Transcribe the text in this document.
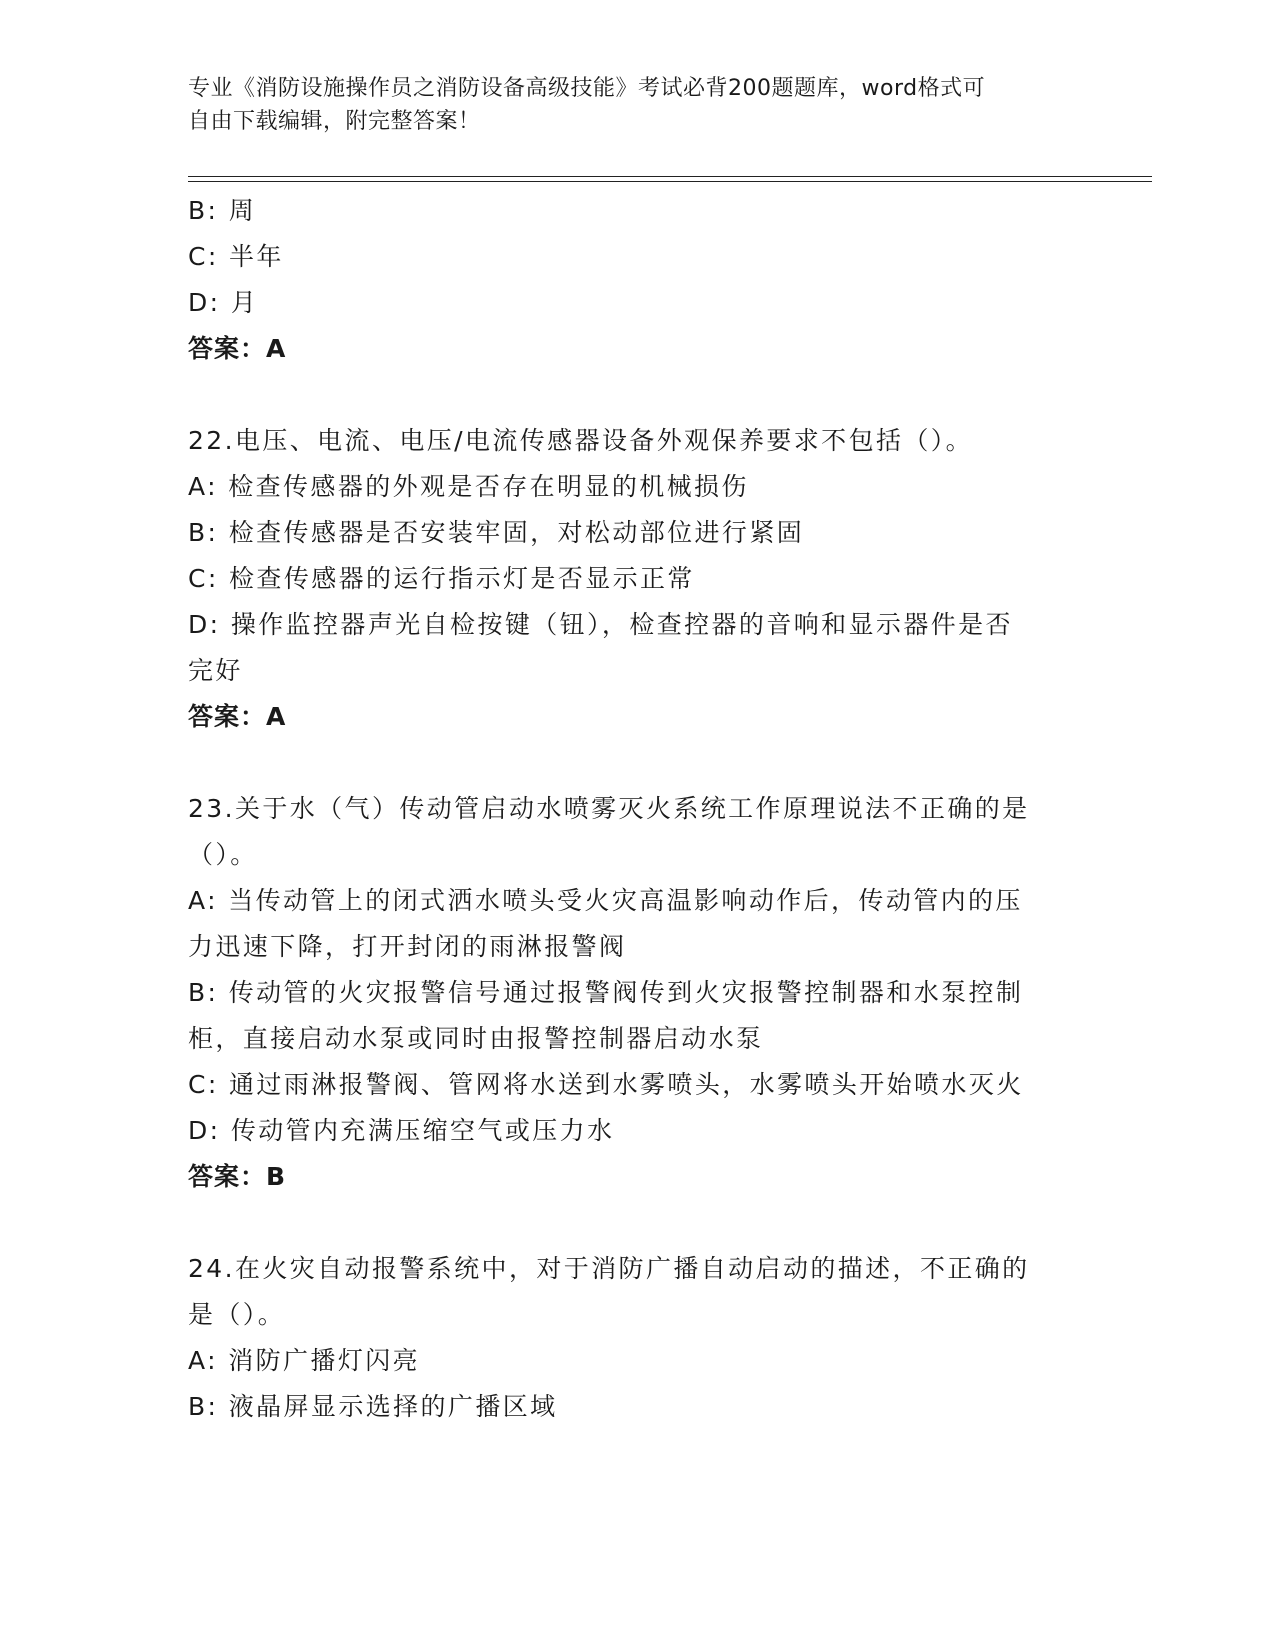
专业《消防设施操作员之消防设备高级技能》考试必背200题题库，word格式可
自由下载编辑，附完整答案！
B: 周
C: 半年
D: 月
答案：A
22.电压、电流、电压/电流传感器设备外观保养要求不包括（）。
A: 检查传感器的外观是否存在明显的机械损伤
B: 检查传感器是否安装牢固，对松动部位进行紧固
C: 检查传感器的运行指示灯是否显示正常
D: 操作监控器声光自检按键（钮），检查控器的音响和显示器件是否
完好
答案：A
23.关于水（气）传动管启动水喷雾灭火系统工作原理说法不正确的是
（）。
A: 当传动管上的闭式洒水喷头受火灾高温影响动作后，传动管内的压
力迅速下降，打开封闭的雨淋报警阀
B: 传动管的火灾报警信号通过报警阀传到火灾报警控制器和水泵控制
柜，直接启动水泵或同时由报警控制器启动水泵
C: 通过雨淋报警阀、管网将水送到水雾喷头，水雾喷头开始喷水灭火
D: 传动管内充满压缩空气或压力水
答案：B
24.在火灾自动报警系统中，对于消防广播自动启动的描述，不正确的
是（）。
A: 消防广播灯闪亮
B: 液晶屏显示选择的广播区域
